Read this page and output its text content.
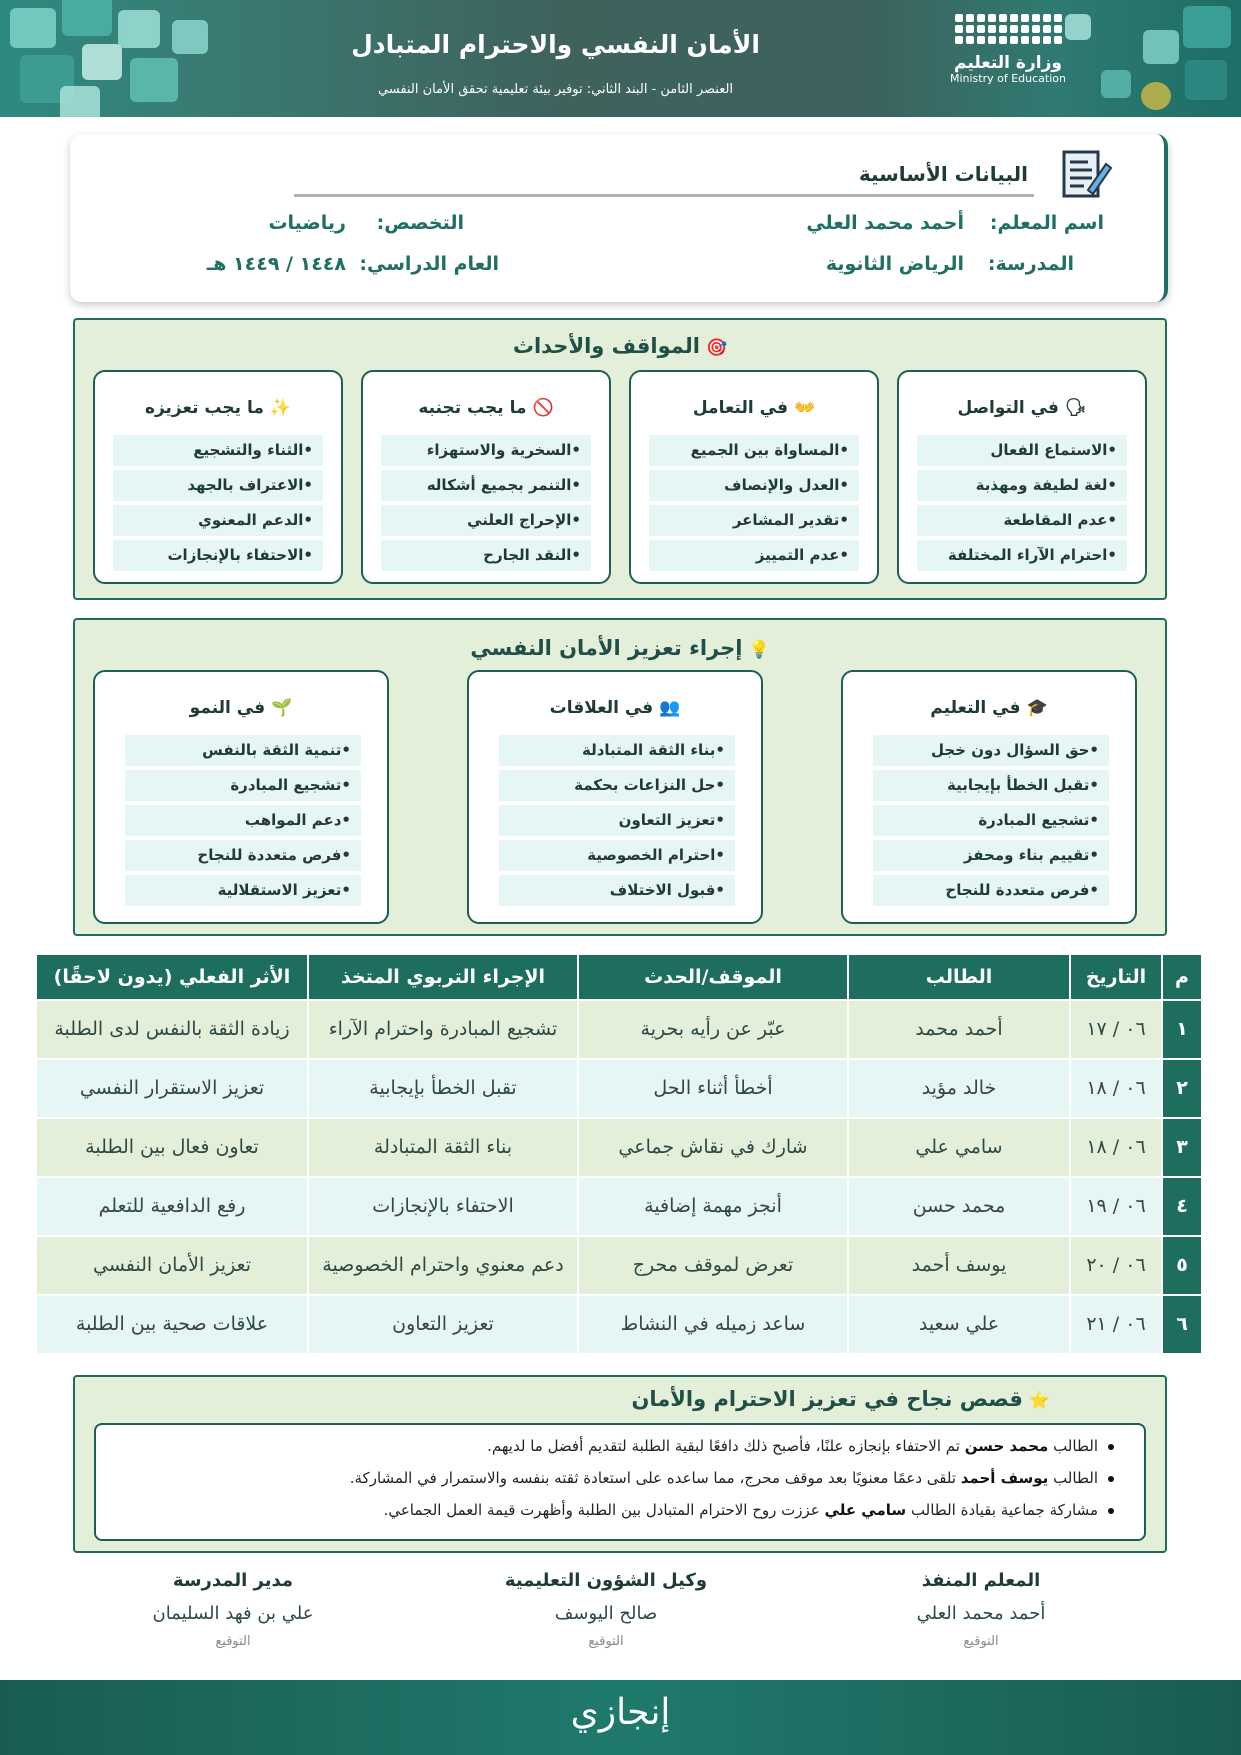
وزارة التعليم
Ministry of Education
الأمان النفسي والاحترام المتبادل
العنصر الثامن - البند الثاني: توفير بيئة تعليمية تحقق الأمان النفسي
البيانات الأساسية
اسم المعلم:
أحمد محمد العلي
التخصص:
رياضيات
المدرسة:
الرياض الثانوية
العام الدراسي:
١٤٤٨ / ١٤٤٩ هـ
🎯المواقف والأحداث
🗣في التواصل
•الاستماع الفعال
•لغة لطيفة ومهذبة
•عدم المقاطعة
•احترام الآراء المختلفة
👐في التعامل
•المساواة بين الجميع
•العدل والإنصاف
•تقدير المشاعر
•عدم التمييز
🚫ما يجب تجنبه
•السخرية والاستهزاء
•التنمر بجميع أشكاله
•الإحراج العلني
•النقد الجارح
✨ما يجب تعزيزه
•الثناء والتشجيع
•الاعتراف بالجهد
•الدعم المعنوي
•الاحتفاء بالإنجازات
💡إجراء تعزيز الأمان النفسي
🎓في التعليم
•حق السؤال دون خجل
•تقبل الخطأ بإيجابية
•تشجيع المبادرة
•تقييم بناء ومحفز
•فرص متعددة للنجاح
👥في العلاقات
•بناء الثقة المتبادلة
•حل النزاعات بحكمة
•تعزيز التعاون
•احترام الخصوصية
•قبول الاختلاف
🌱في النمو
•تنمية الثقة بالنفس
•تشجيع المبادرة
•دعم المواهب
•فرص متعددة للنجاح
•تعزيز الاستقلالية
م	التاريخ	الطالب	الموقف/الحدث	الإجراء التربوي المتخذ	الأثر الفعلي (يدون لاحقًا)
١	٠٦ / ١٧	أحمد محمد	عبّر عن رأيه بحرية	تشجيع المبادرة واحترام الآراء	زيادة الثقة بالنفس لدى الطلبة
٢	٠٦ / ١٨	خالد مؤيد	أخطأ أثناء الحل	تقبل الخطأ بإيجابية	تعزيز الاستقرار النفسي
٣	٠٦ / ١٨	سامي علي	شارك في نقاش جماعي	بناء الثقة المتبادلة	تعاون فعال بين الطلبة
٤	٠٦ / ١٩	محمد حسن	أنجز مهمة إضافية	الاحتفاء بالإنجازات	رفع الدافعية للتعلم
٥	٠٦ / ٢٠	يوسف أحمد	تعرض لموقف محرج	دعم معنوي واحترام الخصوصية	تعزيز الأمان النفسي
٦	٠٦ / ٢١	علي سعيد	ساعد زميله في النشاط	تعزيز التعاون	علاقات صحية بين الطلبة
⭐قصص نجاح في تعزيز الاحترام والأمان
الطالب محمد حسن تم الاحتفاء بإنجازه علنًا، فأصبح ذلك دافعًا لبقية الطلبة لتقديم أفضل ما لديهم.
الطالب يوسف أحمد تلقى دعمًا معنويًا بعد موقف محرج، مما ساعده على استعادة ثقته بنفسه والاستمرار في المشاركة.
مشاركة جماعية بقيادة الطالب سامي علي عززت روح الاحترام المتبادل بين الطلبة وأظهرت قيمة العمل الجماعي.
مدير المدرسة
علي بن فهد السليمان
التوقيع
وكيل الشؤون التعليمية
صالح اليوسف
التوقيع
المعلم المنفذ
أحمد محمد العلي
التوقيع
إنجازي
